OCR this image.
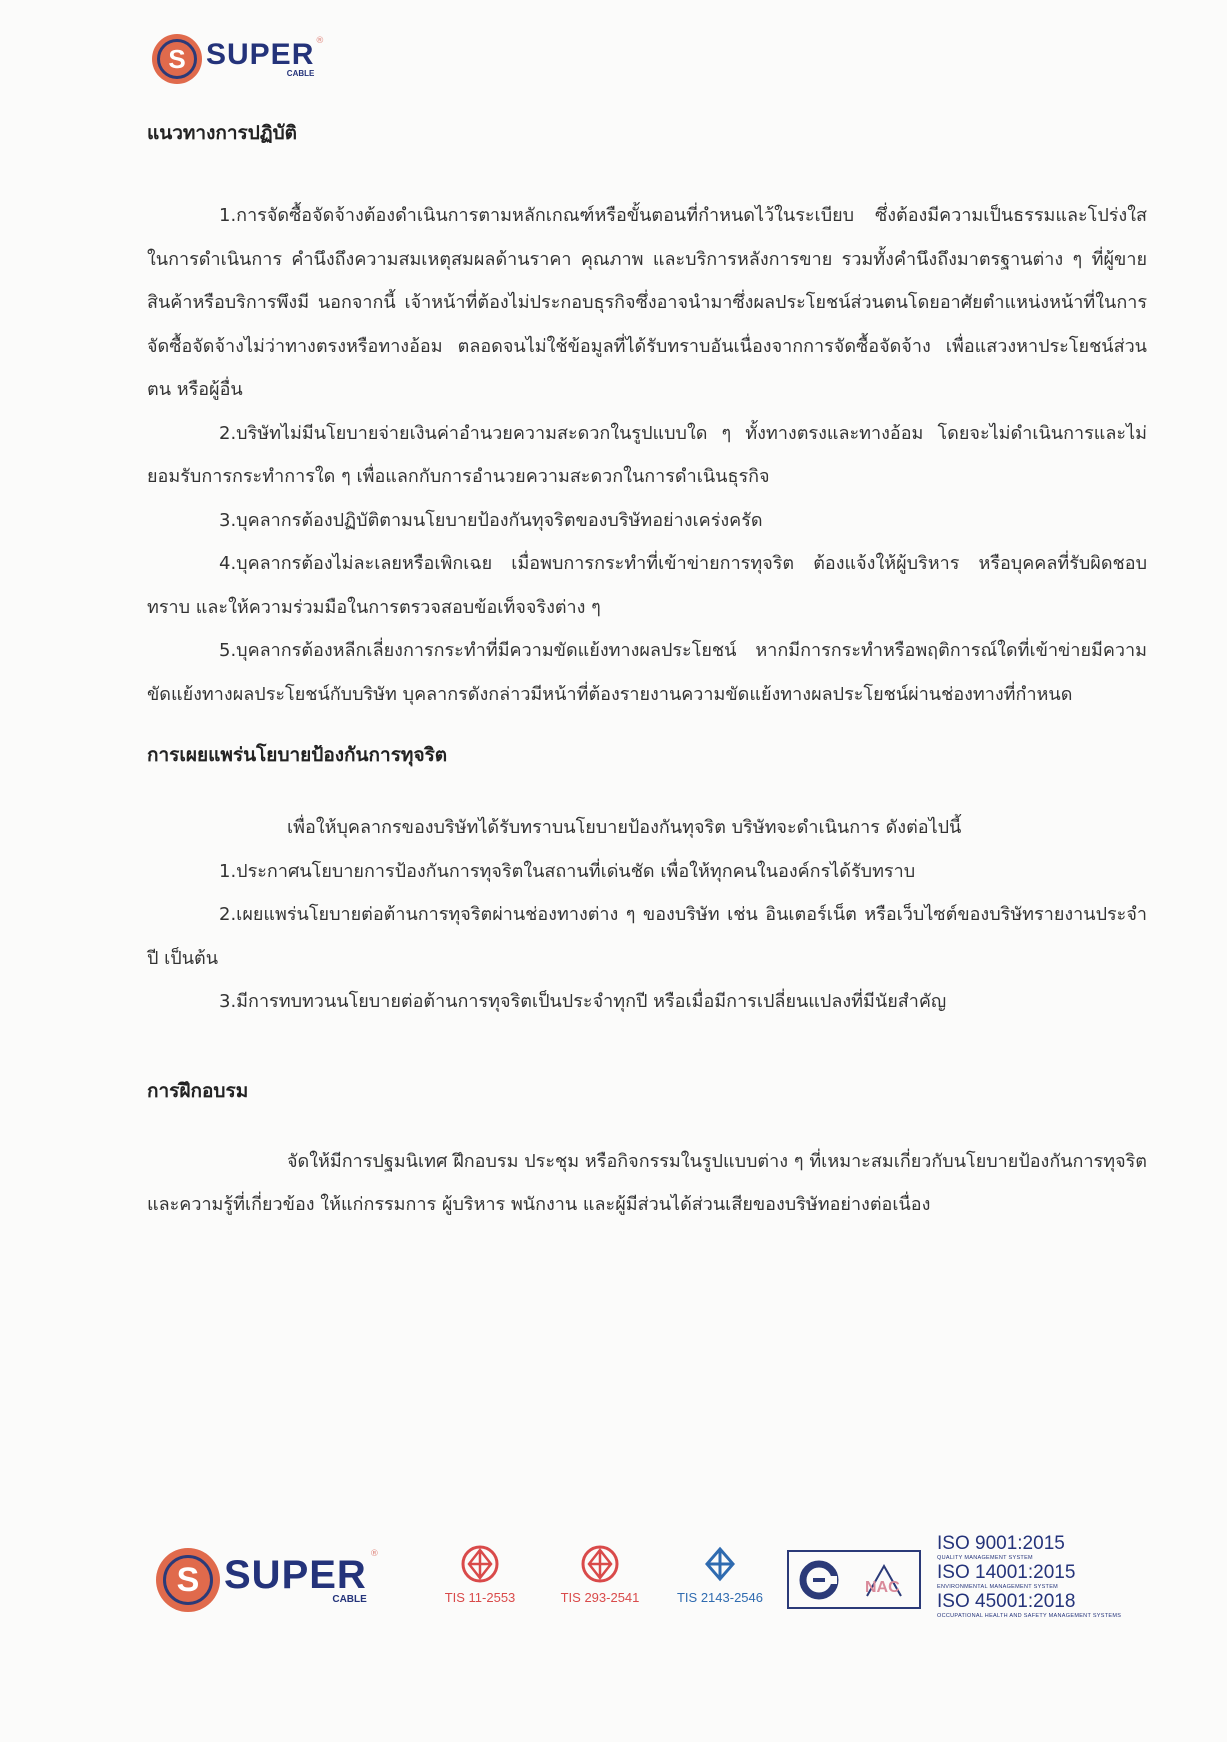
S SUPER
CABLE
®
แนวทางการปฏิบัติ

1.การจัดซื้อจัดจ้างต้องดำเนินการตามหลักเกณฑ์หรือขั้นตอนที่กำหนดไว้ในระเบียบ ซึ่งต้องมีความเป็นธรรมและโปร่งใสในการดำเนินการ คำนึงถึงความสมเหตุสมผลด้านราคา คุณภาพ และบริการหลังการขาย รวมทั้งคำนึงถึงมาตรฐานต่าง ๆ ที่ผู้ขายสินค้าหรือบริการพึงมี นอกจากนี้ เจ้าหน้าที่ต้องไม่ประกอบธุรกิจซึ่งอาจนำมาซึ่งผลประโยชน์ส่วนตนโดยอาศัยตำแหน่งหน้าที่ในการจัดซื้อจัดจ้างไม่ว่าทางตรงหรือทางอ้อม ตลอดจนไม่ใช้ข้อมูลที่ได้รับทราบอันเนื่องจากการจัดซื้อจัดจ้าง เพื่อแสวงหาประโยชน์ส่วนตน หรือผู้อื่น

2.บริษัทไม่มีนโยบายจ่ายเงินค่าอำนวยความสะดวกในรูปแบบใด ๆ ทั้งทางตรงและทางอ้อม โดยจะไม่ดำเนินการและไม่ยอมรับการกระทำการใด ๆ เพื่อแลกกับการอำนวยความสะดวกในการดำเนินธุรกิจ

3.บุคลากรต้องปฏิบัติตามนโยบายป้องกันทุจริตของบริษัทอย่างเคร่งครัด

4.บุคลากรต้องไม่ละเลยหรือเพิกเฉย เมื่อพบการกระทำที่เข้าข่ายการทุจริต ต้องแจ้งให้ผู้บริหาร หรือบุคคลที่รับผิดชอบทราบ และให้ความร่วมมือในการตรวจสอบข้อเท็จจริงต่าง ๆ

5.บุคลากรต้องหลีกเลี่ยงการกระทำที่มีความขัดแย้งทางผลประโยชน์ หากมีการกระทำหรือพฤติการณ์ใดที่เข้าข่ายมีความขัดแย้งทางผลประโยชน์กับบริษัท บุคลากรดังกล่าวมีหน้าที่ต้องรายงานความขัดแย้งทางผลประโยชน์ผ่านช่องทางที่กำหนด

การเผยแพร่นโยบายป้องกันการทุจริต

เพื่อให้บุคลากรของบริษัทได้รับทราบนโยบายป้องกันทุจริต บริษัทจะดำเนินการ ดังต่อไปนี้

1.ประกาศนโยบายการป้องกันการทุจริตในสถานที่เด่นชัด เพื่อให้ทุกคนในองค์กรได้รับทราบ

2.เผยแพร่นโยบายต่อต้านการทุจริตผ่านช่องทางต่าง ๆ ของบริษัท เช่น อินเตอร์เน็ต หรือเว็บไซต์ของบริษัทรายงานประจำปี เป็นต้น

3.มีการทบทวนนโยบายต่อต้านการทุจริตเป็นประจำทุกปี หรือเมื่อมีการเปลี่ยนแปลงที่มีนัยสำคัญ

การฝึกอบรม

จัดให้มีการปฐมนิเทศ ฝึกอบรม ประชุม หรือกิจกรรมในรูปแบบต่าง ๆ ที่เหมาะสมเกี่ยวกับนโยบายป้องกันการทุจริตและความรู้ที่เกี่ยวข้อง ให้แก่กรรมการ ผู้บริหาร พนักงาน และผู้มีส่วนได้ส่วนเสียของบริษัทอย่างต่อเนื่อง

S SUPER
CABLE
®
TIS 11-2553	TIS 293-2541	TIS 2143-2546
NAC
ISO 9001:2015
QUALITY MANAGEMENT SYSTEM
ISO 14001:2015
ENVIRONMENTAL MANAGEMENT SYSTEM
ISO 45001:2018
OCCUPATIONAL HEALTH AND SAFETY MANAGEMENT SYSTEMS
